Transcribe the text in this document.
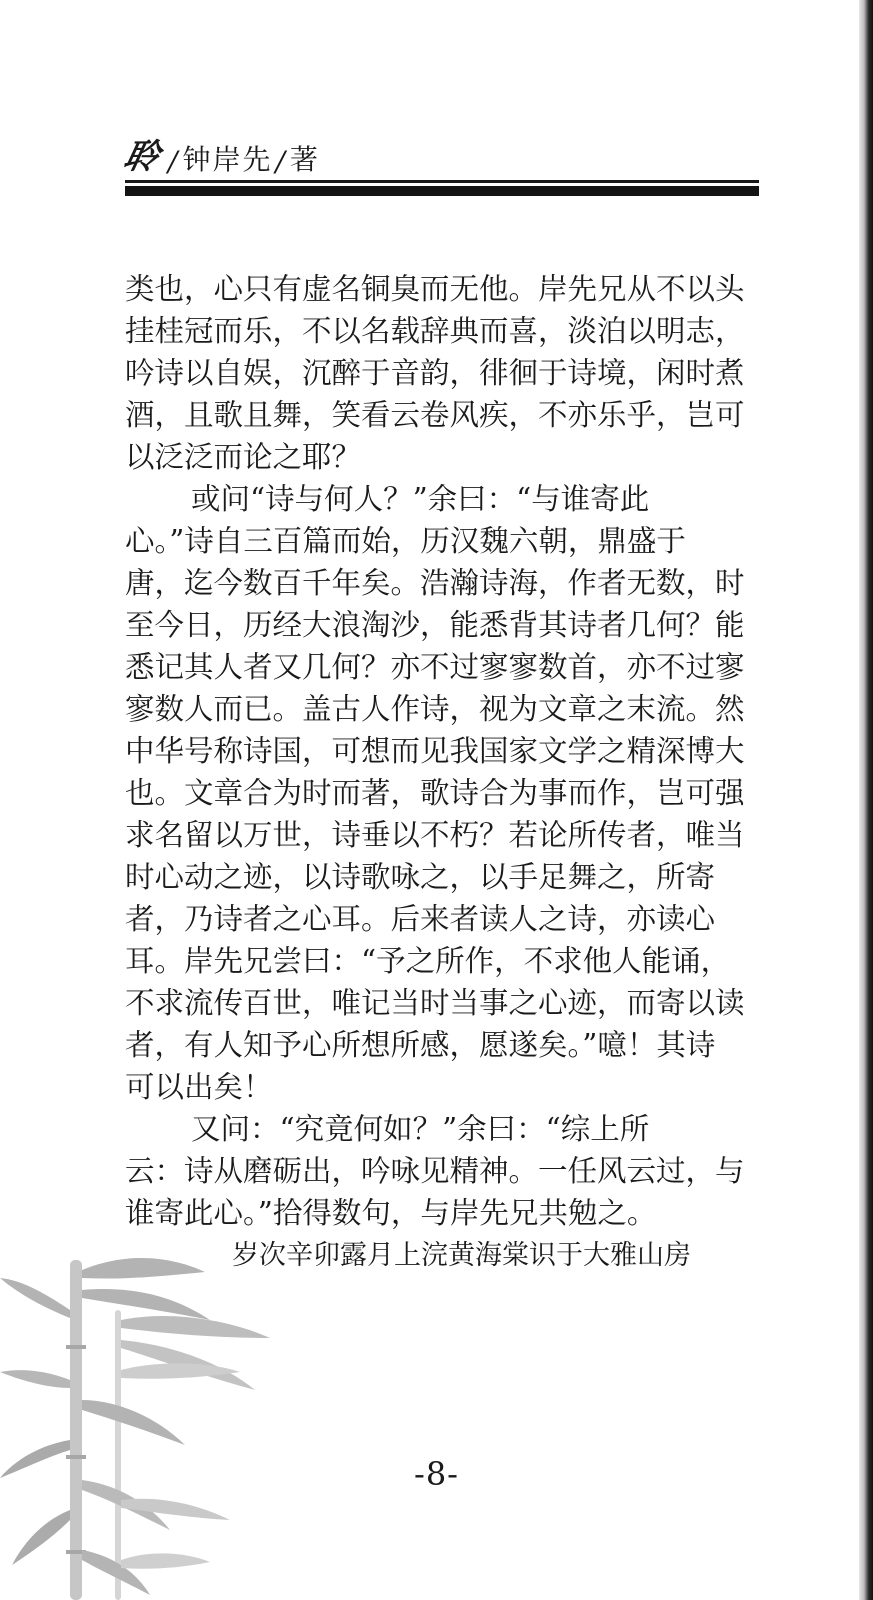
聆 / 钟岸先 / 著
类也，心只有虚名铜臭而无他。岸先兄从不以头
挂桂冠而乐，不以名载辞典而喜，淡泊以明志，
吟诗以自娱，沉醉于音韵，徘徊于诗境，闲时煮
酒，且歌且舞，笑看云卷风疾，不亦乐乎，岂可
以泛泛而论之耶？
或问“诗与何人？”余曰：“与谁寄此
心。”诗自三百篇而始，历汉魏六朝，鼎盛于
唐，迄今数百千年矣。浩瀚诗海，作者无数，时
至今日，历经大浪淘沙，能悉背其诗者几何？能
悉记其人者又几何？亦不过寥寥数首，亦不过寥
寥数人而已。盖古人作诗，视为文章之末流。然
中华号称诗国，可想而见我国家文学之精深博大
也。文章合为时而著，歌诗合为事而作，岂可强
求名留以万世，诗垂以不朽？若论所传者，唯当
时心动之迹，以诗歌咏之，以手足舞之，所寄
者，乃诗者之心耳。后来者读人之诗，亦读心
耳。岸先兄尝曰：“予之所作，不求他人能诵，
不求流传百世，唯记当时当事之心迹，而寄以读
者，有人知予心所想所感，愿遂矣。”噫！其诗
可以出矣！
又问：“究竟何如？”余曰：“综上所
云：诗从磨砺出，吟咏见精神。一任风云过，与
谁寄此心。”拾得数句，与岸先兄共勉之。
岁次辛卯露月上浣黄海棠识于大雅山房
-8-
